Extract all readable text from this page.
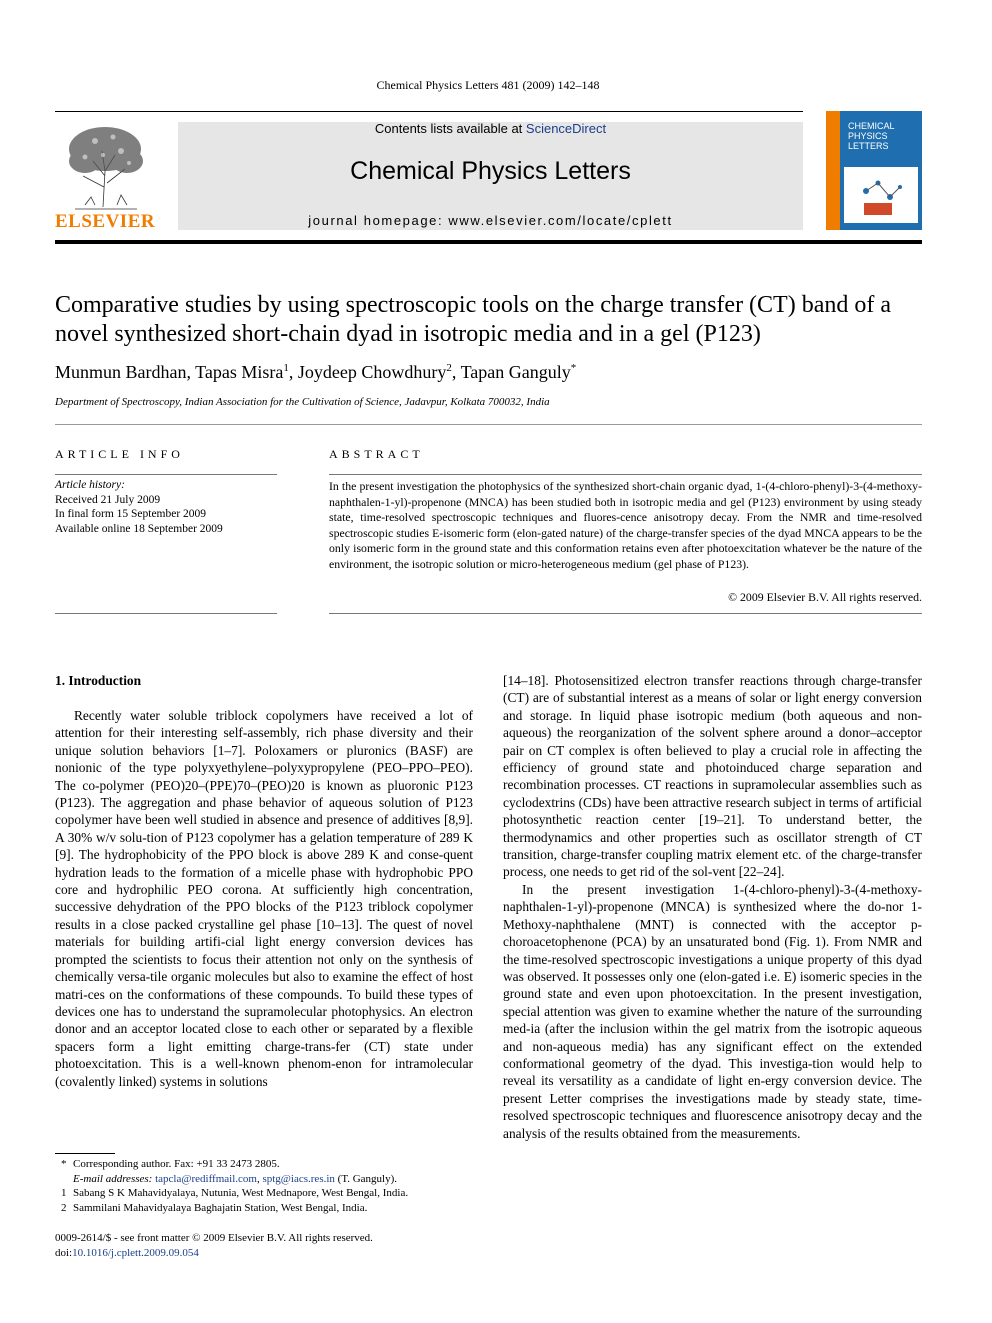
Chemical Physics Letters 481 (2009) 142–148
ELSEVIER
Contents lists available at ScienceDirect
Chemical Physics Letters
journal homepage: www.elsevier.com/locate/cplett
CHEMICAL
PHYSICS
LETTERS
Comparative studies by using spectroscopic tools on the charge transfer (CT) band of a novel synthesized short-chain dyad in isotropic media and in a gel (P123)
Munmun Bardhan, Tapas Misra$^1$, Joydeep Chowdhury$^2$, Tapan Ganguly*
Department of Spectroscopy, Indian Association for the Cultivation of Science, Jadavpur, Kolkata 700032, India
ARTICLE INFO	ABSTRACT
Article history:
Received 21 July 2009
In final form 15 September 2009
Available online 18 September 2009
In the present investigation the photophysics of the synthesized short-chain organic dyad, 1-(4-chloro-phenyl)-3-(4-methoxy-naphthalen-1-yl)-propenone (MNCA) has been studied both in isotropic media and gel (P123) environment by using steady state, time-resolved spectroscopic techniques and fluores-cence anisotropy decay. From the NMR and time-resolved spectroscopic studies E-isomeric form (elon-gated nature) of the charge-transfer species of the dyad MNCA appears to be the only isomeric form in the ground state and this conformation retains even after photoexcitation whatever be the nature of the environment, the isotropic solution or micro-heterogeneous medium (gel phase of P123).
© 2009 Elsevier B.V. All rights reserved.
1. Introduction

Recently water soluble triblock copolymers have received a lot of attention for their interesting self-assembly, rich phase diversity and their unique solution behaviors [1–7]. Poloxamers or pluronics (BASF) are nonionic of the type polyxyethylene–polyxypropylene (PEO–PPO–PEO). The co-polymer (PEO)20–(PPE)70–(PEO)20 is known as pluoronic P123 (P123). The aggregation and phase behavior of aqueous solution of P123 copolymer have been well studied in absence and presence of additives [8,9]. A 30% w/v solu-tion of P123 copolymer has a gelation temperature of 289 K [9]. The hydrophobicity of the PPO block is above 289 K and conse-quent hydration leads to the formation of a micelle phase with hydrophobic PPO core and hydrophilic PEO corona. At sufficiently high concentration, successive dehydration of the PPO blocks of the P123 triblock copolymer results in a close packed crystalline gel phase [10–13]. The quest of novel materials for building artifi-cial light energy conversion devices has prompted the scientists to focus their attention not only on the synthesis of chemically versa-tile organic molecules but also to examine the effect of host matri-ces on the conformations of these compounds. To build these types of devices one has to understand the supramolecular photophysics. An electron donor and an acceptor located close to each other or separated by a flexible spacers form a light emitting charge-trans-fer (CT) state under photoexcitation. This is a well-known phenom-enon for intramolecular (covalently linked) systems in solutions

[14–18]. Photosensitized electron transfer reactions through charge-transfer (CT) are of substantial interest as a means of solar or light energy conversion and storage. In liquid phase isotropic medium (both aqueous and non-aqueous) the reorganization of the solvent sphere around a donor–acceptor pair on CT complex is often believed to play a crucial role in affecting the efficiency of ground state and photoinduced charge separation and recombination processes. CT reactions in supramolecular assemblies such as cyclodextrins (CDs) have been attractive research subject in terms of artificial photosynthetic reaction center [19–21]. To understand better, the thermodynamics and other properties such as oscillator strength of CT transition, charge-transfer coupling matrix element etc. of the charge-transfer process, one needs to get rid of the sol-vent [22–24].

In the present investigation 1-(4-chloro-phenyl)-3-(4-methoxy-naphthalen-1-yl)-propenone (MNCA) is synthesized where the do-nor 1-Methoxy-naphthalene (MNT) is connected with the acceptor p-choroacetophenone (PCA) by an unsaturated bond (Fig. 1). From NMR and the time-resolved spectroscopic investigations a unique property of this dyad was observed. It possesses only one (elon-gated i.e. E) isomeric species in the ground state and even upon photoexcitation. In the present investigation, special attention was given to examine whether the nature of the surrounding med-ia (after the inclusion within the gel matrix from the isotropic aqueous and non-aqueous media) has any significant effect on the extended conformational geometry of the dyad. This investiga-tion would help to reveal its versatility as a candidate of light en-ergy conversion device. The present Letter comprises the investigations made by steady state, time-resolved spectroscopic techniques and fluorescence anisotropy decay and the analysis of the results obtained from the measurements.

* Corresponding author. Fax: +91 33 2473 2805.
E-mail addresses: tapcla@rediffmail.com, sptg@iacs.res.in (T. Ganguly).
1 Sabang S K Mahavidyalaya, Nutunia, West Mednapore, West Bengal, India.
2 Sammilani Mahavidyalaya Baghajatin Station, West Bengal, India.
0009-2614/$ - see front matter © 2009 Elsevier B.V. All rights reserved.
doi:10.1016/j.cplett.2009.09.054
